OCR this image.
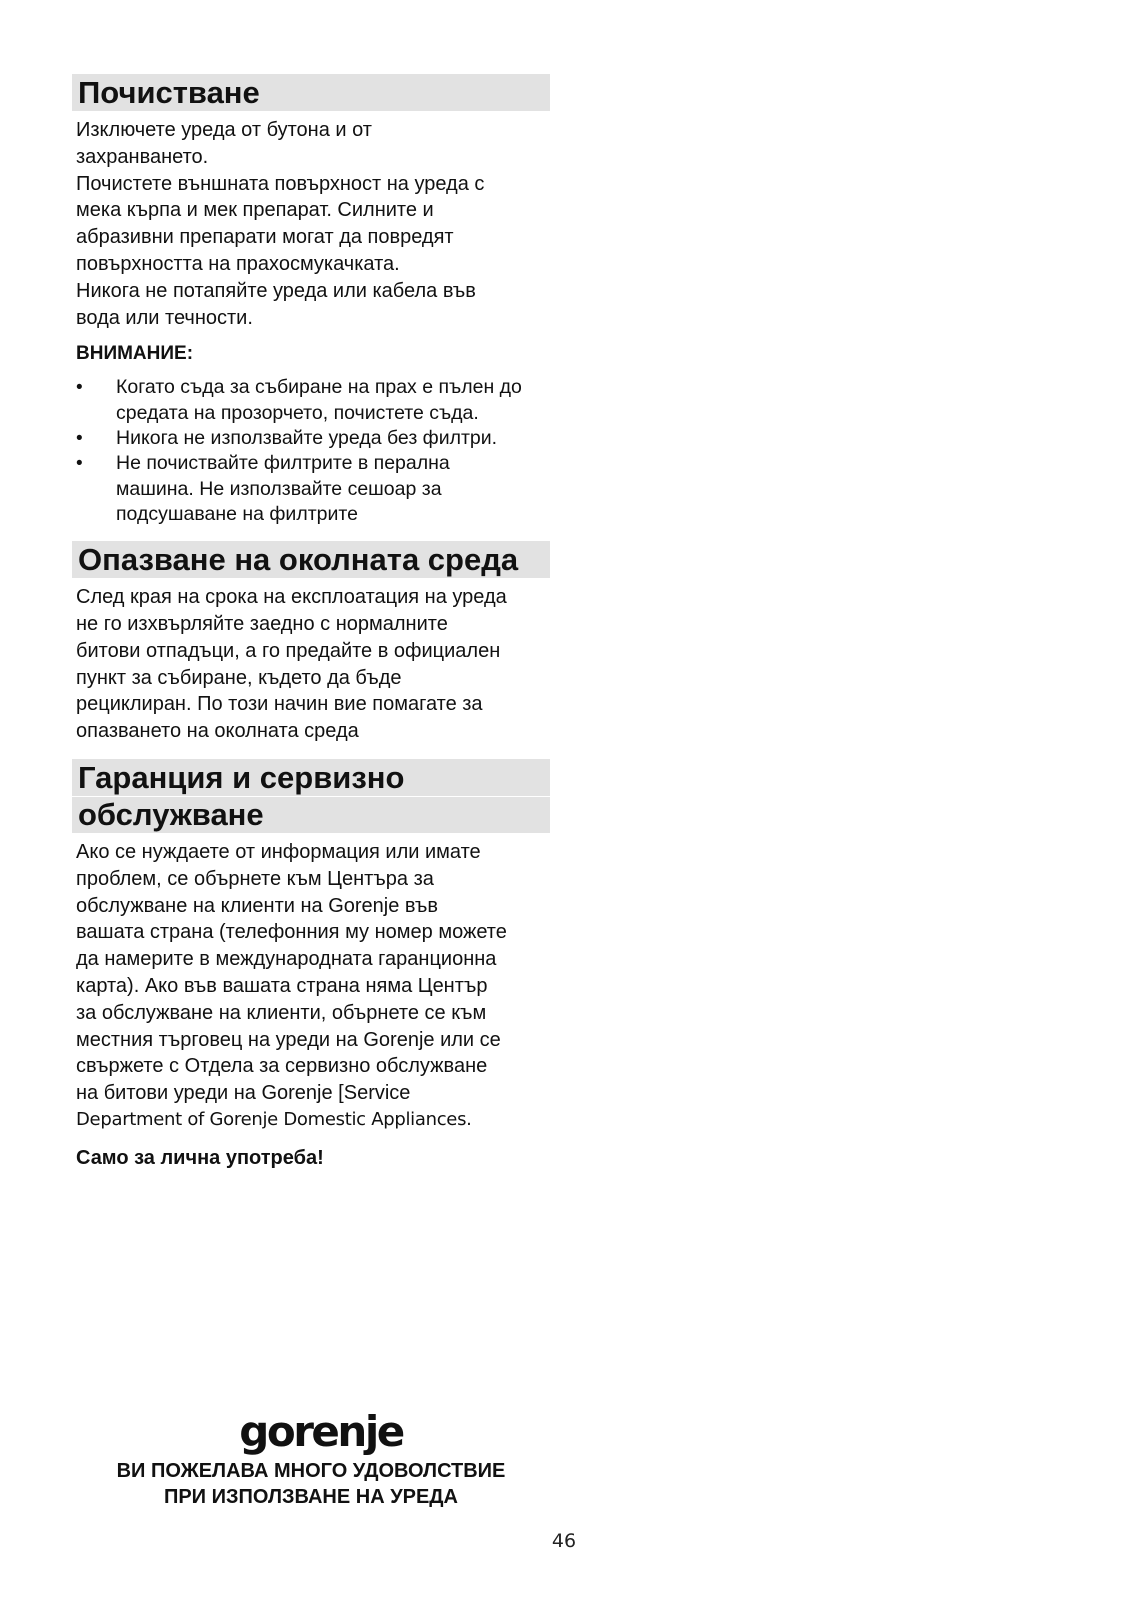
Почистване

Изключете уреда от бутона и от

захранването.

Почистете външната повърхност на уреда с

мека кърпа и мек препарат. Силните и

абразивни препарати могат да повредят

повърхността на прахосмукачката.

Никога не потапяйте уреда или кабела във

вода или течности.

ВНИМАНИЕ:
• Когато съда за събиране на прах е пълен до
средата на прозорчето, почистете съда.
• Никога не използвайте уреда без филтри.
• Не почиствайте филтрите в перална
машина. Не използвайте сешоар за
подсушаване на филтрите
Опазване на околната среда

След края на срока на експлоатация на уреда

не го изхвърляйте заедно с нормалните

битови отпадъци, а го предайте в официален

пункт за събиране, където да бъде

рециклиран. По този начин вие помагате за

опазването на околната среда

Гаранция и сервизно
обслужване

Ако се нуждаете от информация или имате

проблем, се обърнете към Центъра за

обслужване на клиенти на Gorenje във

вашата страна (телефонния му номер можете

да намерите в международната гаранционна

карта). Ако във вашата страна няма Център

за обслужване на клиенти, обърнете се към

местния търговец на уреди на Gorenje или се

свържете с Отдела за сервизно обслужване

на битови уреди на Gorenje [Service

Department of Gorenje Domestic Appliances.

Само за лична употреба!
gorenje
ВИ ПОЖЕЛАВА МНОГО УДОВОЛСТВИЕ
ПРИ ИЗПОЛЗВАНЕ НА УРЕДА
46
